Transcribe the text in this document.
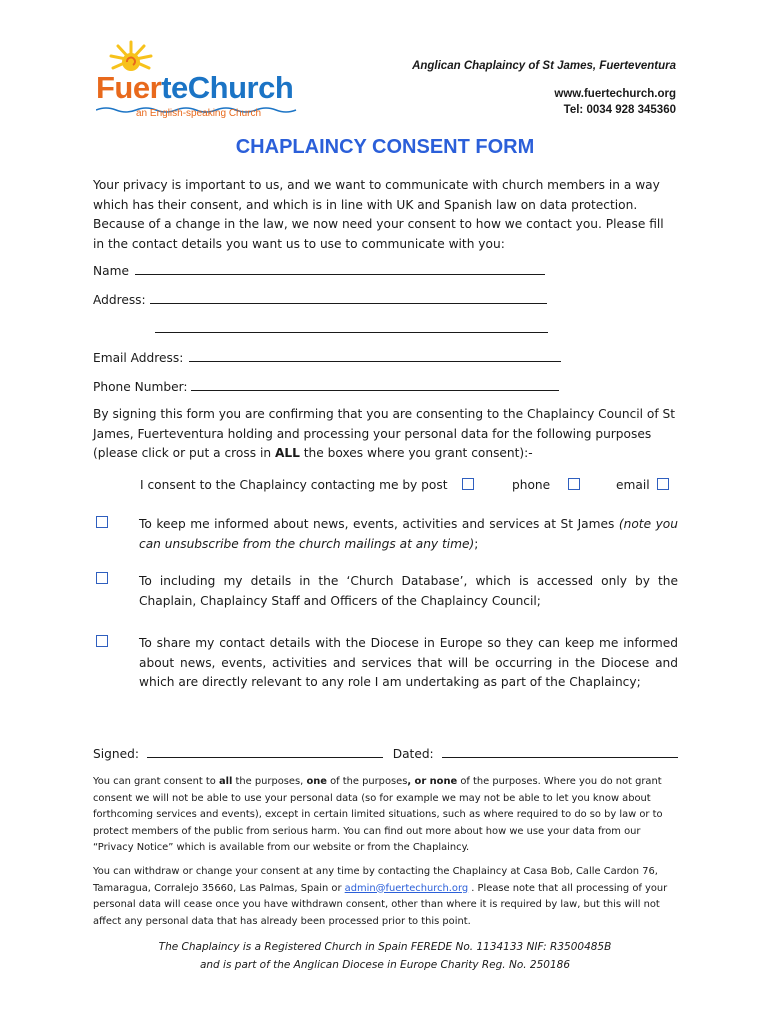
FuerteChurch
an English-speaking Church
Anglican Chaplaincy of St James, Fuerteventura
www.fuertechurch.org
Tel: 0034 928 345360
CHAPLAINCY CONSENT FORM
Your privacy is important to us, and we want to communicate with church members in a way which has their consent, and which is in line with UK and Spanish law on data protection. Because of a change in the law, we now need your consent to how we contact you. Please fill in the contact details you want us to use to communicate with you:
Name
Address:
Email Address:
Phone Number:
By signing this form you are confirming that you are consenting to the Chaplaincy Council of St James, Fuerteventura holding and processing your personal data for the following purposes (please click or put a cross in ALL the boxes where you grant consent):-
I consent to the Chaplaincy contacting me by post	phone	email
To keep me informed about news, events, activities and services at St James (note you can unsubscribe from the church mailings at any time);
To including my details in the ‘Church Database’, which is accessed only by the Chaplain, Chaplaincy Staff and Officers of the Chaplaincy Council;
To share my contact details with the Diocese in Europe so they can keep me informed about news, events, activities and services that will be occurring in the Diocese and which are directly relevant to any role I am undertaking as part of the Chaplaincy;
Signed:	Dated:
You can grant consent to all the purposes, one of the purposes, or none of the purposes. Where you do not grant consent we will not be able to use your personal data (so for example we may not be able to let you know about forthcoming services and events), except in certain limited situations, such as where required to do so by law or to protect members of the public from serious harm. You can find out more about how we use your data from our “Privacy Notice” which is available from our website or from the Chaplaincy.
You can withdraw or change your consent at any time by contacting the Chaplaincy at Casa Bob, Calle Cardon 76, Tamaragua, Corralejo 35660, Las Palmas, Spain or admin@fuertechurch.org . Please note that all processing of your personal data will cease once you have withdrawn consent, other than where it is required by law, but this will not affect any personal data that has already been processed prior to this point.
The Chaplaincy is a Registered Church in Spain FEREDE No. 1134133 NIF: R3500485B
and is part of the Anglican Diocese in Europe Charity Reg. No. 250186
